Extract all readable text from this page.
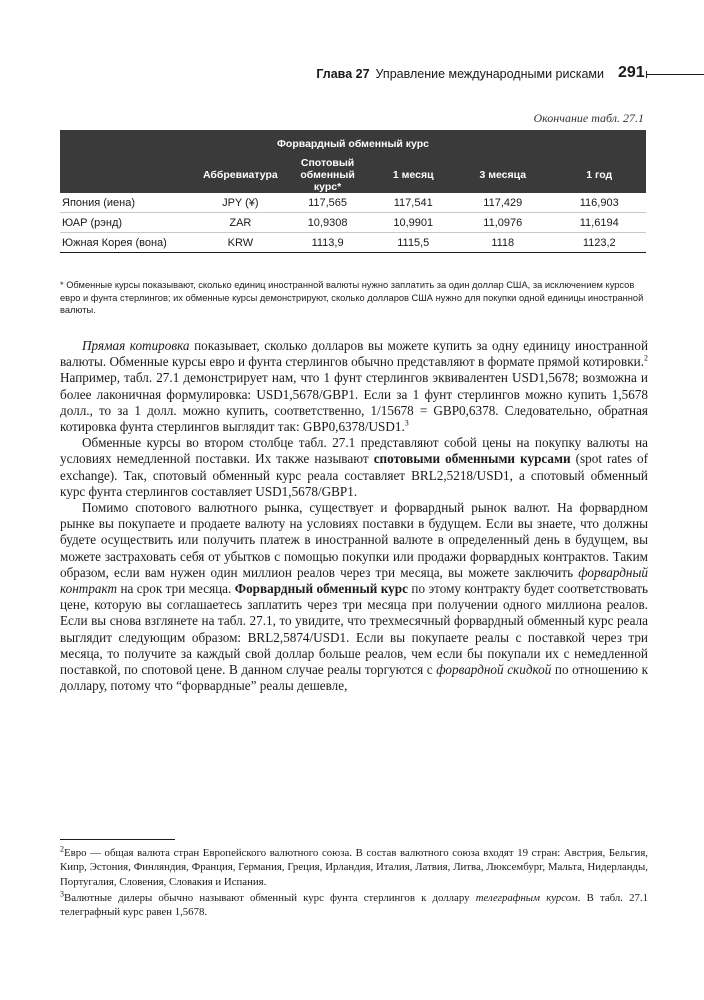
Глава 27 Управление международными рисками 291
Окончание табл. 27.1
Форвардный обменный курс					
	Аббревиатура	Спотовый обменный курс*	1 месяц	3 месяца	1 год
Япония (иена)	JPY (¥)	117,565	117,541	117,429	116,903
ЮАР (рэнд)	ZAR	10,9308	10,9901	11,0976	11,6194
Южная Корея (вона)	KRW	1113,9	1115,5	1118	1123,2
* Обменные курсы показывают, сколько единиц иностранной валюты нужно заплатить за один доллар США, за исключением курсов евро и фунта стерлингов; их обменные курсы демонстрируют, сколько долларов США нужно для покупки одной единицы иностранной валюты.

Прямая котировка показывает, сколько долларов вы можете купить за одну единицу иностранной валюты. Обменные курсы евро и фунта стерлингов обычно представляют в формате прямой котировки.$^2$ Например, табл. 27.1 демонстрирует нам, что 1 фунт стерлингов эквивалентен USD1,5678; возможна и более лаконичная формулировка: USD1,5678/GBP1. Если за 1 фунт стерлингов можно купить 1,5678 долл., то за 1 долл. можно купить, соответственно, 1/15678 = GBP0,6378. Следовательно, обратная котировка фунта стерлингов выглядит так: GBP0,6378/USD1.$^3$

Обменные курсы во втором столбце табл. 27.1 представляют собой цены на покупку валюты на условиях немедленной поставки. Их также называют спотовыми обменными курсами (spot rates of exchange). Так, спотовый обменный курс реала составляет BRL2,5218/USD1, а спотовый обменный курс фунта стерлингов составляет USD1,5678/GBP1.

Помимо спотового валютного рынка, существует и форвардный рынок валют. На форвардном рынке вы покупаете и продаете валюту на условиях поставки в будущем. Если вы знаете, что должны будете осуществить или получить платеж в иностранной валюте в определенный день в будущем, вы можете застраховать себя от убытков с помощью покупки или продажи форвардных контрактов. Таким образом, если вам нужен один миллион реалов через три месяца, вы можете заключить форвардный контракт на срок три месяца. Форвардный обменный курс по этому контракту будет соответствовать цене, которую вы соглашаетесь заплатить через три месяца при получении одного миллиона реалов. Если вы снова взглянете на табл. 27.1, то увидите, что трехмесячный форвардный обменный курс реала выглядит следующим образом: BRL2,5874/USD1. Если вы покупаете реалы с поставкой через три месяца, то получите за каждый свой доллар больше реалов, чем если бы покупали их с немедленной поставкой, по спотовой цене. В данном случае реалы торгуются с форвардной скидкой по отношению к доллару, потому что “форвардные” реалы дешевле,

$^2$Евро — общая валюта стран Европейского валютного союза. В состав валютного союза входят 19 стран: Австрия, Бельгия, Кипр, Эстония, Финляндия, Франция, Германия, Греция, Ирландия, Италия, Латвия, Литва, Люксембург, Мальта, Нидерланды, Португалия, Словения, Словакия и Испания.

$^3$Валютные дилеры обычно называют обменный курс фунта стерлингов к доллару телеграфным курсом. В табл. 27.1 телеграфный курс равен 1,5678.
